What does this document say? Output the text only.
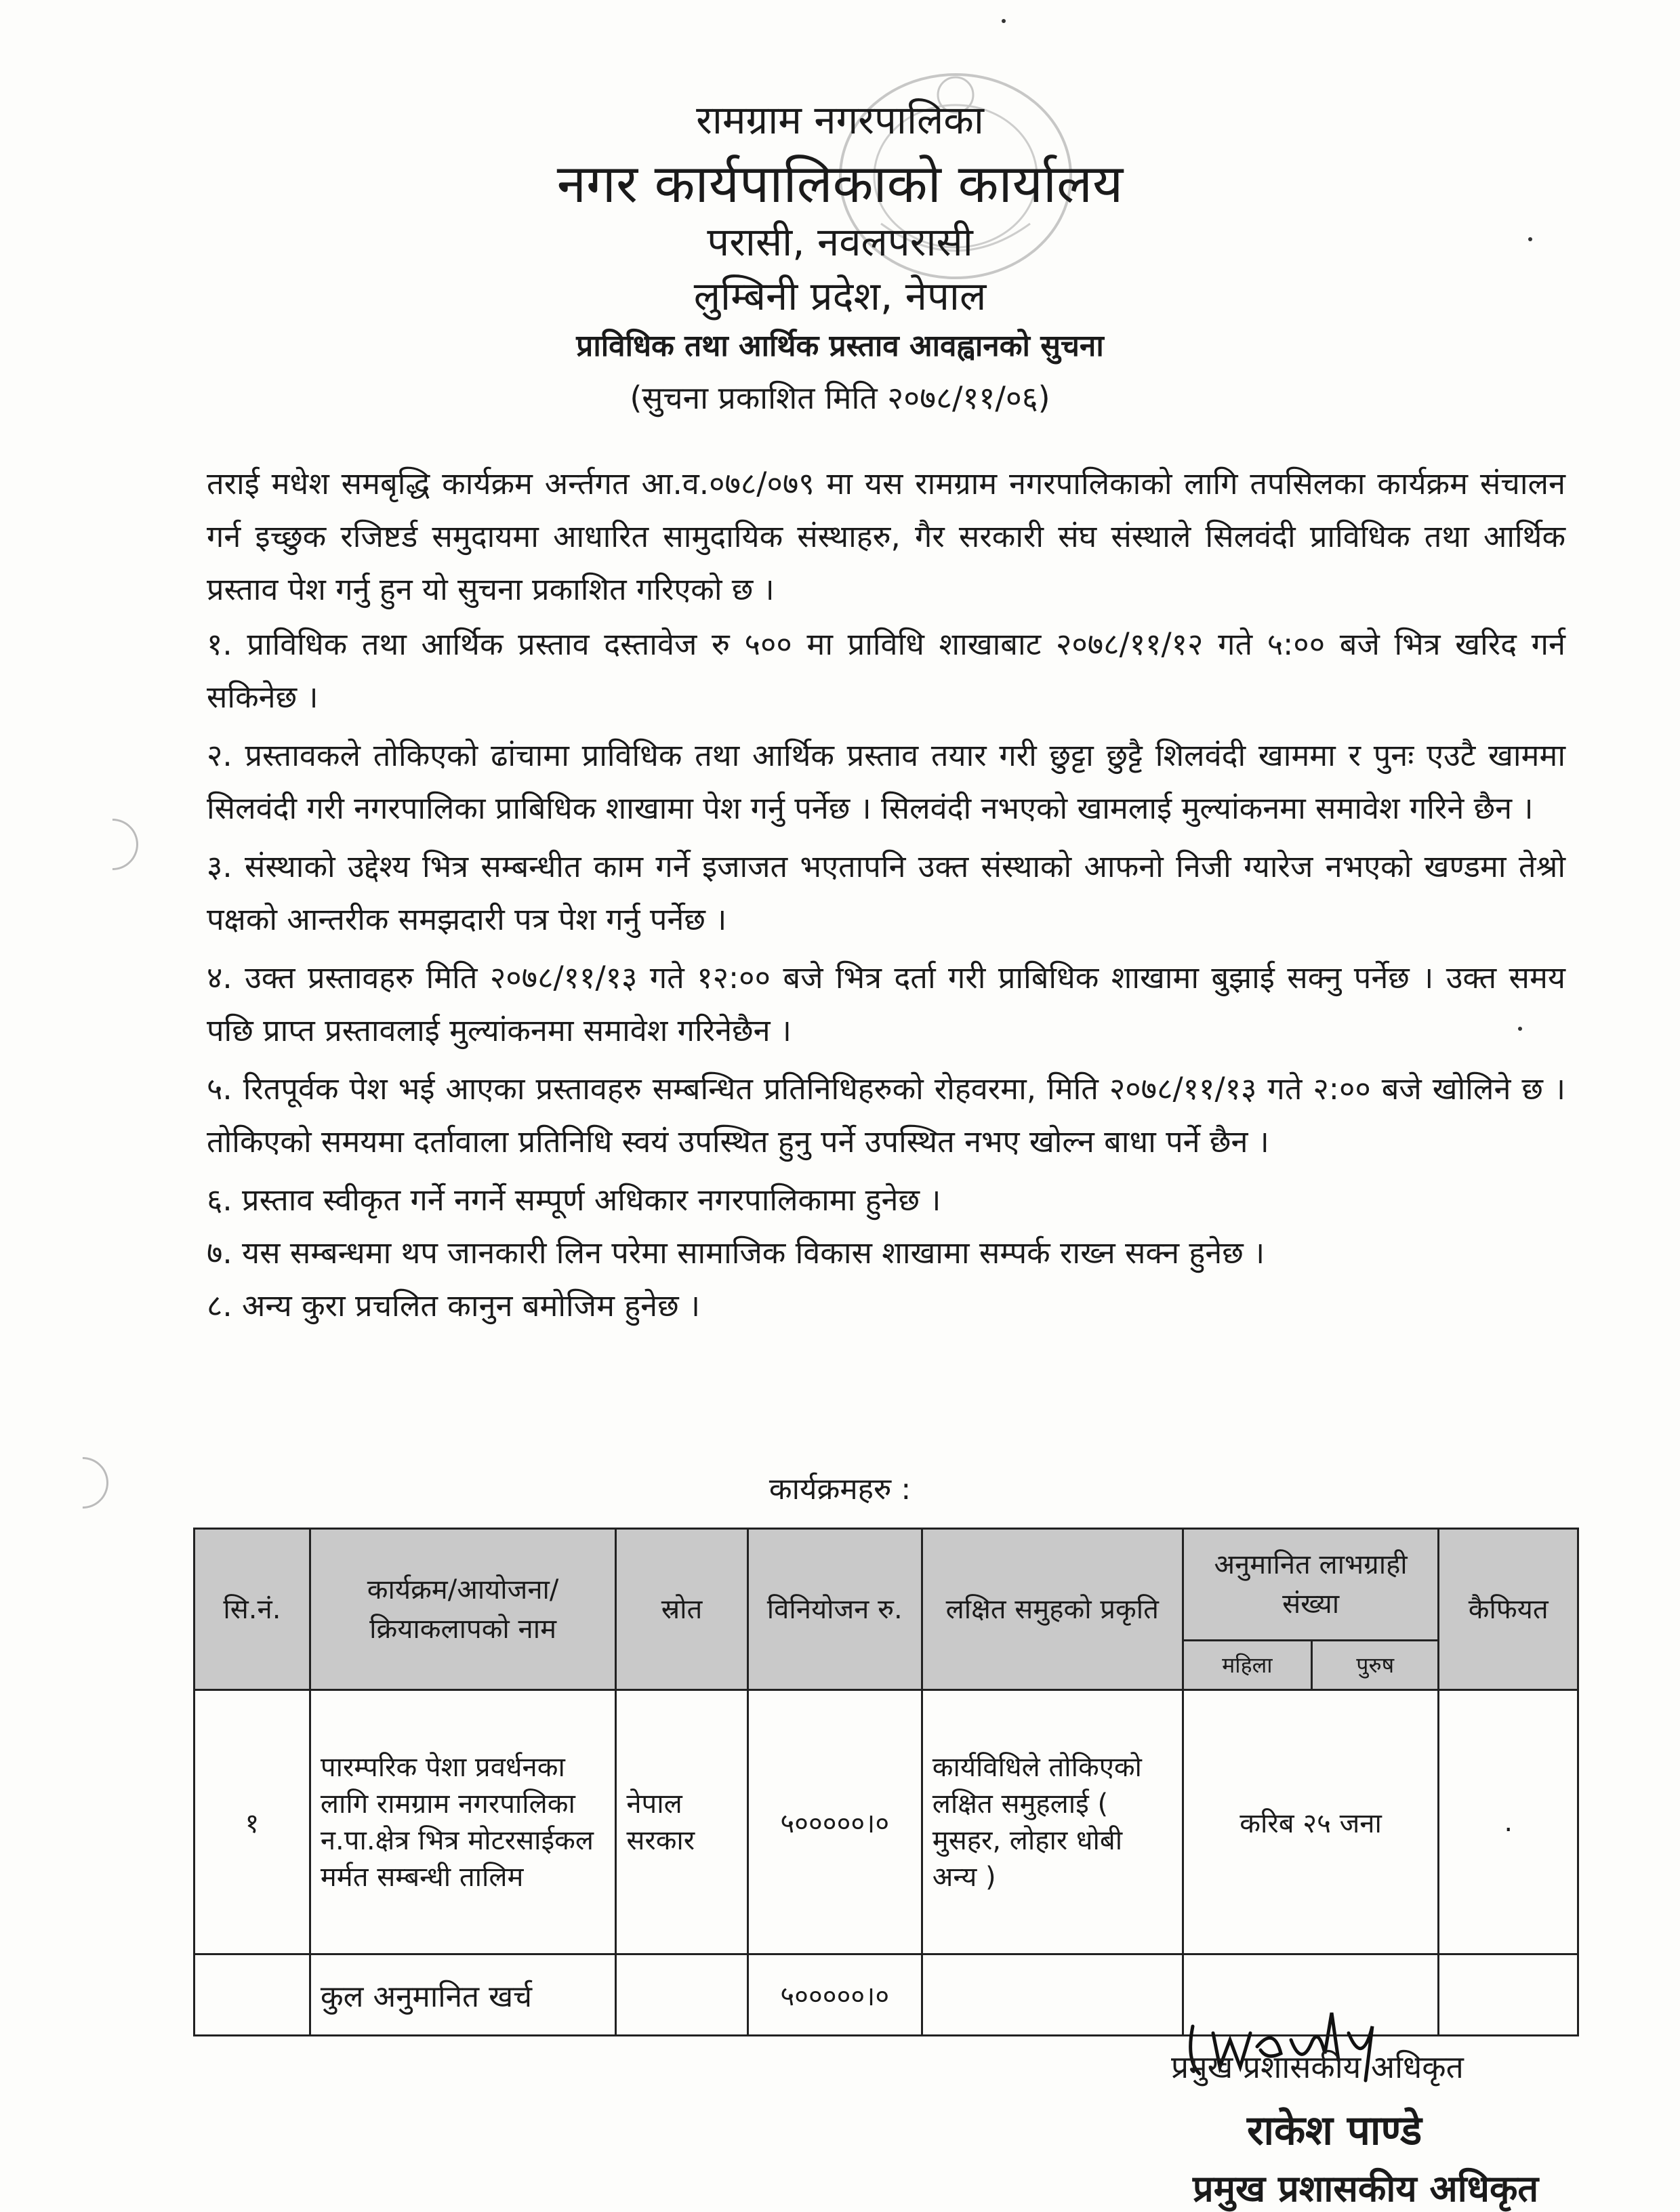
रामग्राम नगरपालिका
नगर कार्यपालिकाको कार्यालय
परासी, नवलपरासी
लुम्बिनी प्रदेश, नेपाल
प्राविधिक तथा आर्थिक प्रस्ताव आवह्वानको सुचना
(सुचना प्रकाशित मिति २०७८/११/०६)
तराई मधेश समबृद्धि कार्यक्रम अर्न्तगत आ.व.०७८/०७९ मा यस रामग्राम नगरपालिकाको लागि तपसिलका कार्यक्रम संचालन गर्न इच्छुक रजिष्टर्ड समुदायमा आधारित सामुदायिक संस्थाहरु, गैर सरकारी संघ संस्थाले सिलवंदी प्राविधिक तथा आर्थिक प्रस्ताव पेश गर्नु हुन यो सुचना प्रकाशित गरिएको छ ।
१. प्राविधिक तथा आर्थिक प्रस्ताव दस्तावेज रु ५०० मा प्राविधि शाखाबाट २०७८/११/१२ गते ५:०० बजे भित्र खरिद गर्न सकिनेछ ।
२. प्रस्तावकले तोकिएको ढांचामा प्राविधिक तथा आर्थिक प्रस्ताव तयार गरी छुट्टा छुट्टै शिलवंदी खाममा र पुनः एउटै खाममा सिलवंदी गरी नगरपालिका प्राबिधिक शाखामा पेश गर्नु पर्नेछ । सिलवंदी नभएको खामलाई मुल्यांकनमा समावेश गरिने छैन ।
३. संस्थाको उद्देश्य भित्र सम्बन्धीत काम गर्ने इजाजत भएतापनि उक्त संस्थाको आफनो निजी ग्यारेज नभएको खण्डमा तेश्रो पक्षको आन्तरीक समझदारी पत्र पेश गर्नु पर्नेछ ।
४. उक्त प्रस्तावहरु मिति २०७८/११/१३ गते १२:०० बजे भित्र दर्ता गरी प्राबिधिक शाखामा बुझाई सक्नु पर्नेछ । उक्त समय पछि प्राप्त प्रस्तावलाई मुल्यांकनमा समावेश गरिनेछैन ।
५. रितपूर्वक पेश भई आएका प्रस्तावहरु सम्बन्धित प्रतिनिधिहरुको रोहवरमा, मिति २०७८/११/१३ गते २:०० बजे खोलिने छ । तोकिएको समयमा दर्तावाला प्रतिनिधि स्वयं उपस्थित हुनु पर्ने उपस्थित नभए खोल्न बाधा पर्ने छैन ।
६. प्रस्ताव स्वीकृत गर्ने नगर्ने सम्पूर्ण अधिकार नगरपालिकामा हुनेछ ।
७. यस सम्बन्धमा थप जानकारी लिन परेमा सामाजिक विकास शाखामा सम्पर्क राख्न सक्न हुनेछ ।
८. अन्य कुरा प्रचलित कानुन बमोजिम हुनेछ ।
कार्यक्रमहरु :
सि.नं.	कार्यक्रम/आयोजना/क्रियाकलापको नाम	स्रोत	विनियोजन रु.	लक्षित समुहको प्रकृति	अनुमानित लाभग्राही संख्या		कैफियत
					महिला	पुरुष	
१	पारम्परिक पेशा प्रवर्धनका लागि रामग्राम नगरपालिका न.पा.क्षेत्र भित्र मोटरसाईकल मर्मत सम्बन्धी तालिम	नेपाल सरकार	५०००००।०	कार्यविधिले तोकिएको लक्षित समुहलाई ( मुसहर, लोहार धोबी अन्य )	करिब २५ जना		.
	कुल अनुमानित खर्च		५०००००।०				
प्रमुख प्रशासकीय अधिकृत
राकेश पाण्डे
प्रमुख प्रशासकीय अधिकृत
